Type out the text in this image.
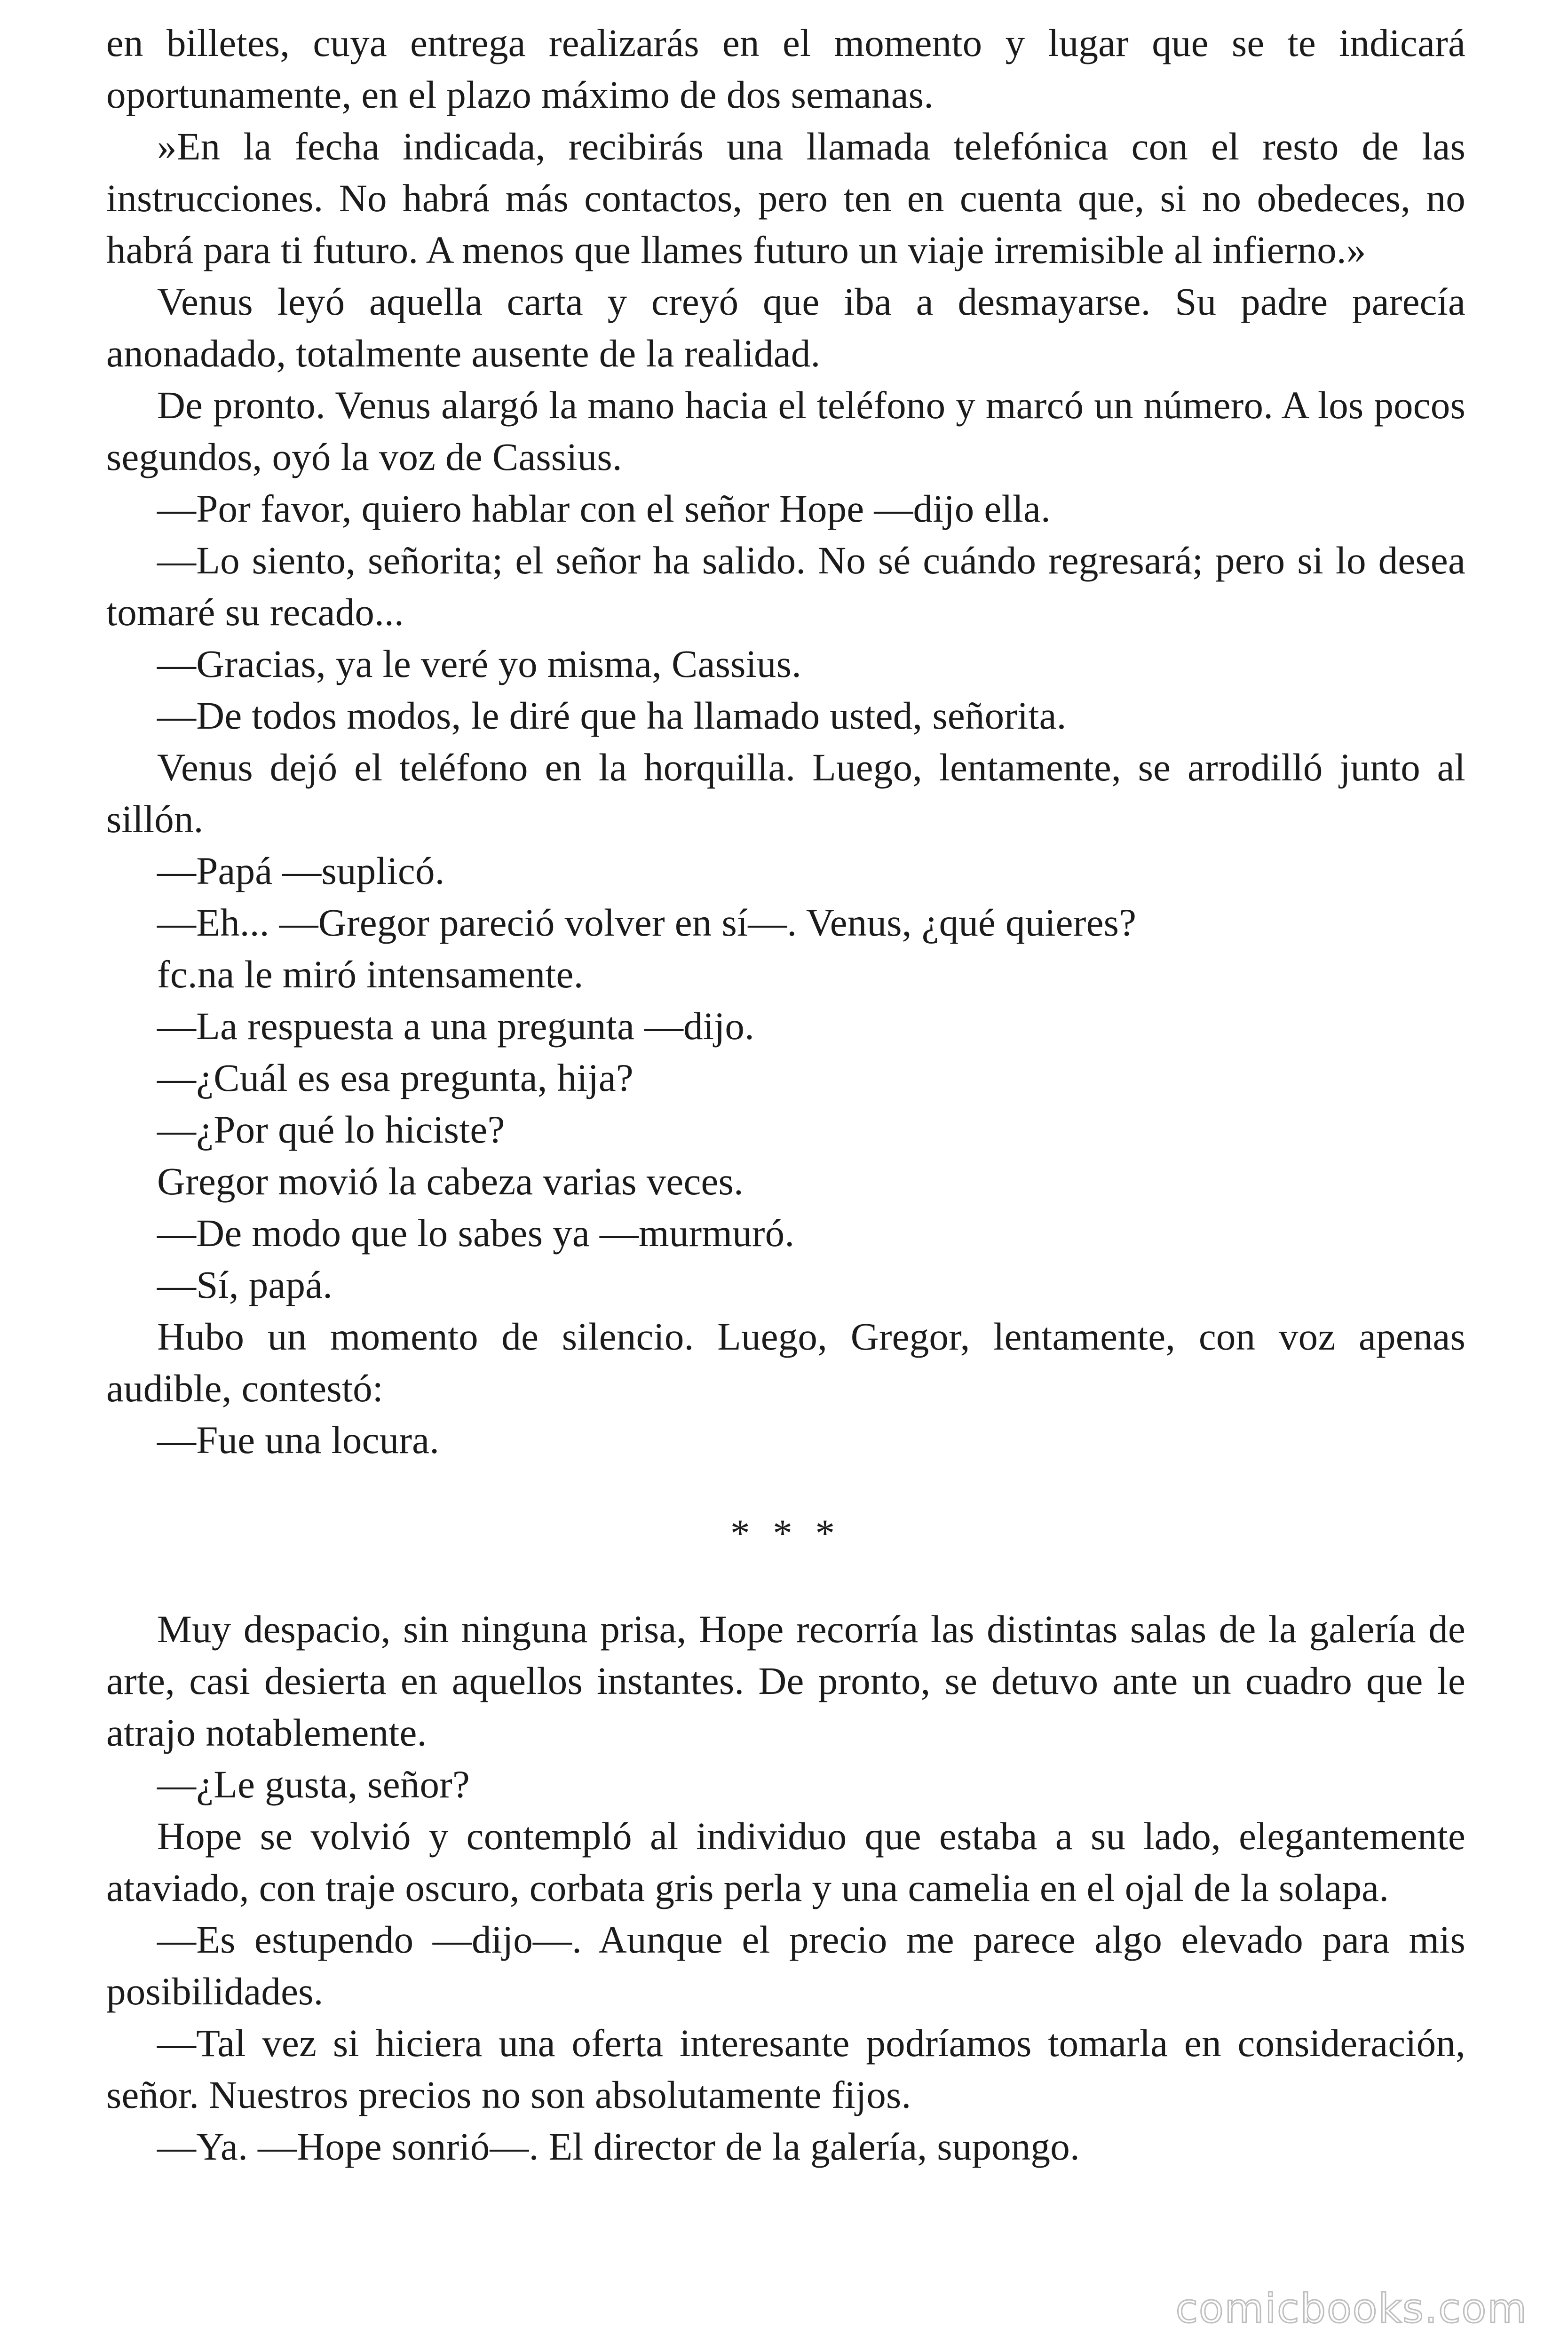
en billetes, cuya entrega realizarás en el momento y lugar que se te indicará oportunamente, en el plazo máximo de dos semanas.

»En la fecha indicada, recibirás una llamada telefónica con el resto de las instrucciones. No habrá más contactos, pero ten en cuenta que, si no obedeces, no habrá para ti futuro. A menos que llames futuro un viaje irremisible al infierno.»

Venus leyó aquella carta y creyó que iba a desmayarse. Su padre parecía anonadado, totalmente ausente de la realidad.

De pronto. Venus alargó la mano hacia el teléfono y marcó un número. A los pocos segundos, oyó la voz de Cassius.

—Por favor, quiero hablar con el señor Hope —dijo ella.

—Lo siento, señorita; el señor ha salido. No sé cuándo regresará; pero si lo desea tomaré su recado...

—Gracias, ya le veré yo misma, Cassius.

—De todos modos, le diré que ha llamado usted, señorita.

Venus dejó el teléfono en la horquilla. Luego, lentamente, se arrodilló junto al sillón.

—Papá —suplicó.

—Eh... —Gregor pareció volver en sí—. Venus, ¿qué quieres?

fc.na le miró intensamente.

—La respuesta a una pregunta —dijo.

—¿Cuál es esa pregunta, hija?

—¿Por qué lo hiciste?

Gregor movió la cabeza varias veces.

—De modo que lo sabes ya —murmuró.

—Sí, papá.

Hubo un momento de silencio. Luego, Gregor, lentamente, con voz apenas audible, contestó:

—Fue una locura.

* * *

Muy despacio, sin ninguna prisa, Hope recorría las distintas salas de la galería de arte, casi desierta en aquellos instantes. De pronto, se detuvo ante un cuadro que le atrajo notablemente.

—¿Le gusta, señor?

Hope se volvió y contempló al individuo que estaba a su lado, elegantemente ataviado, con traje oscuro, corbata gris perla y una camelia en el ojal de la solapa.

—Es estupendo —dijo—. Aunque el precio me parece algo elevado para mis posibilidades.

—Tal vez si hiciera una oferta interesante podríamos tomarla en consideración, señor. Nuestros precios no son absolutamente fijos.

—Ya. —Hope sonrió—. El director de la galería, supongo.

comicbooks.com
